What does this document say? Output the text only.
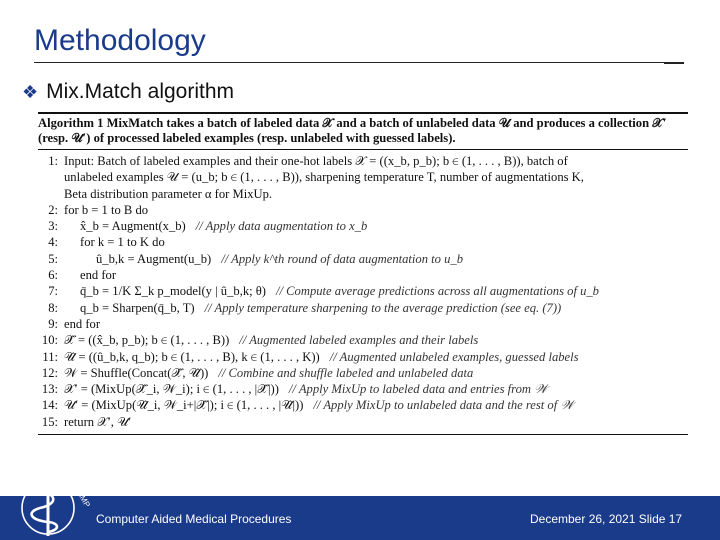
Methodology
❖ Mix.Match algorithm
Algorithm 1 MixMatch takes a batch of labeled data 𝒳 and a batch of unlabeled data 𝒰 and produces a collection 𝒳′ (resp. 𝒰′) of processed labeled examples (resp. unlabeled with guessed labels).
1: Input: Batch of labeled examples and their one-hot labels 𝒳 = ((x_b, p_b); b ∈ (1, . . . , B)), batch of
unlabeled examples 𝒰 = (u_b; b ∈ (1, . . . , B)), sharpening temperature T, number of augmentations K,
Beta distribution parameter α for MixUp.
2: for b = 1 to B do
3:	x̂_b = Augment(x_b) // Apply data augmentation to x_b
4:	for k = 1 to K do
5:	û_b,k = Augment(u_b) // Apply k^th round of data augmentation to u_b
6:	end for
7:	q̄_b = 1/K Σ_k p_model(y | û_b,k; θ) // Compute average predictions across all augmentations of u_b
8:	q_b = Sharpen(q̄_b, T) // Apply temperature sharpening to the average prediction (see eq. (7))
9: end for
10: 𝒳̂ = ((x̂_b, p_b); b ∈ (1, . . . , B)) // Augmented labeled examples and their labels
11: 𝒰̂ = ((û_b,k, q_b); b ∈ (1, . . . , B), k ∈ (1, . . . , K)) // Augmented unlabeled examples, guessed labels
12: 𝒲 = Shuffle(Concat(𝒳̂, 𝒰̂)) // Combine and shuffle labeled and unlabeled data
13: 𝒳′ = (MixUp(𝒳̂_i, 𝒲_i); i ∈ (1, . . . , |𝒳̂|)) // Apply MixUp to labeled data and entries from 𝒲
14: 𝒰′ = (MixUp(𝒰̂_i, 𝒲_i+|𝒳̂|); i ∈ (1, . . . , |𝒰̂|)) // Apply MixUp to unlabeled data and the rest of 𝒲
15: return 𝒳′, 𝒰′
CAMP
Computer Aided Medical Procedures	December 26, 2021 Slide 17
